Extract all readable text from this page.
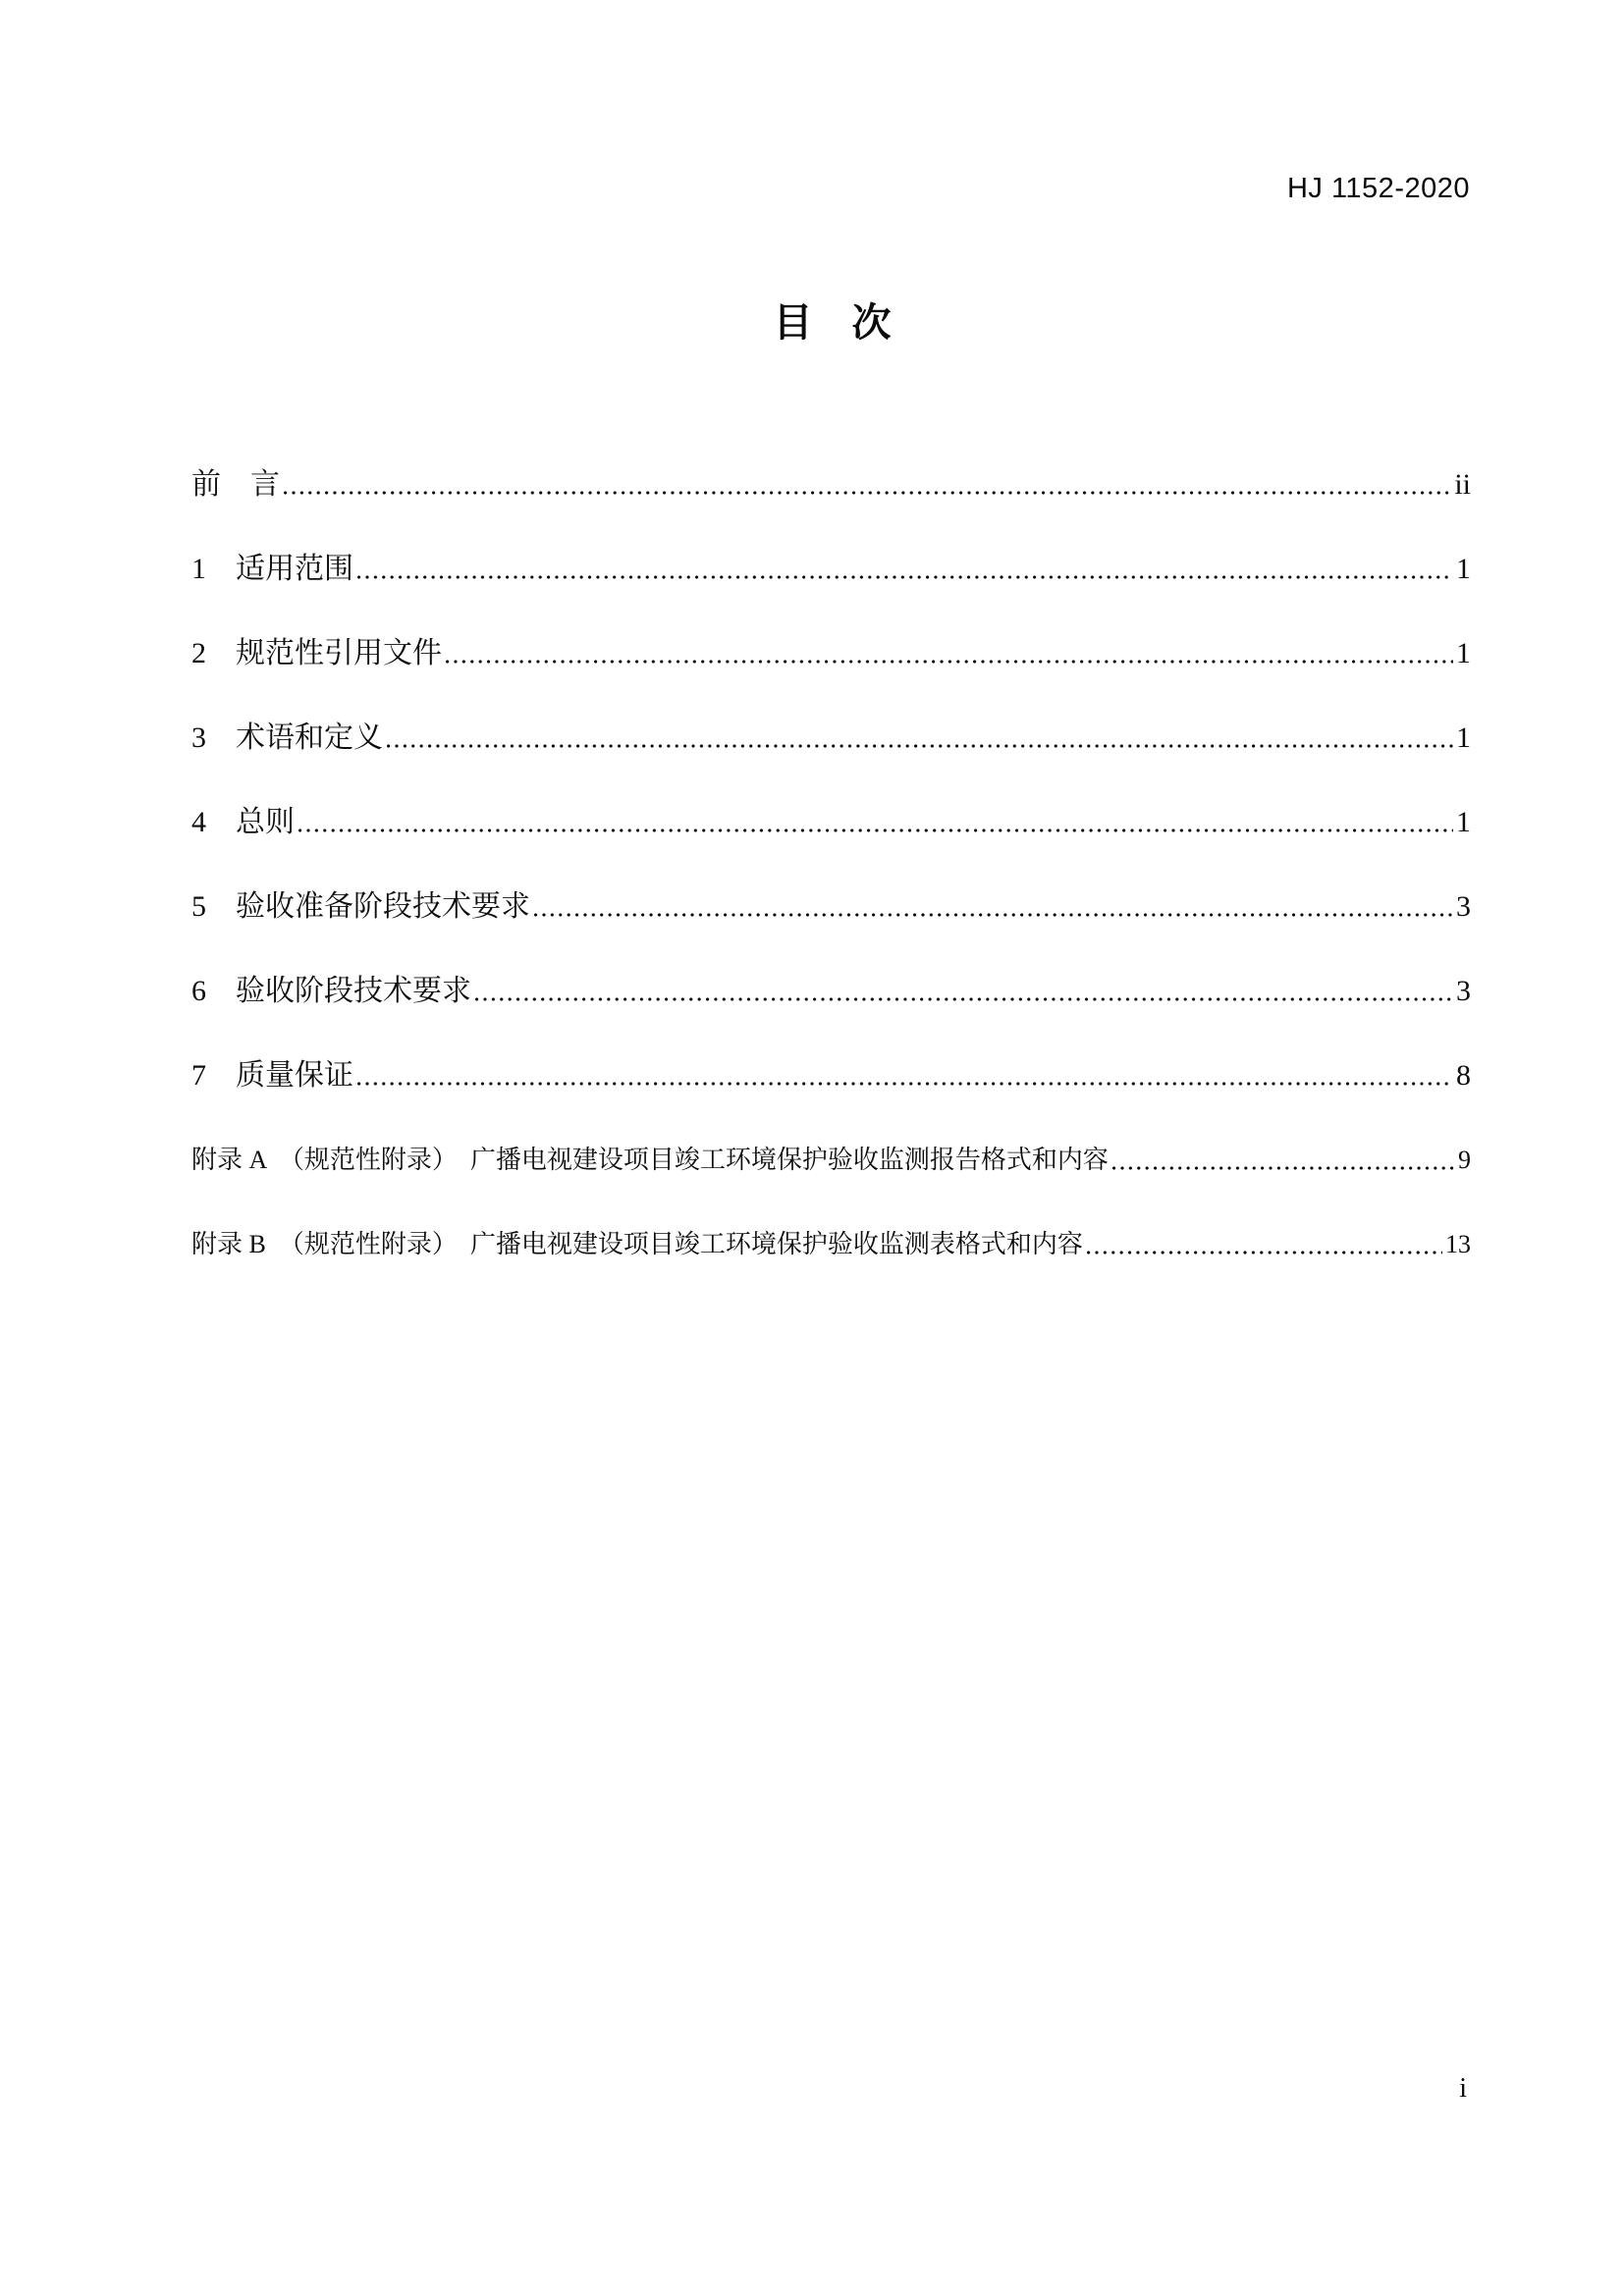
HJ 1152-2020
目　次
前　言	ii
1　适用范围	1
2　规范性引用文件	1
3　术语和定义	1
4　总则	1
5　验收准备阶段技术要求	3
6　验收阶段技术要求	3
7　质量保证	8
附录 A　（规范性附录）　广播电视建设项目竣工环境保护验收监测报告格式和内容	9
附录 B　（规范性附录）　广播电视建设项目竣工环境保护验收监测表格式和内容	13
i
